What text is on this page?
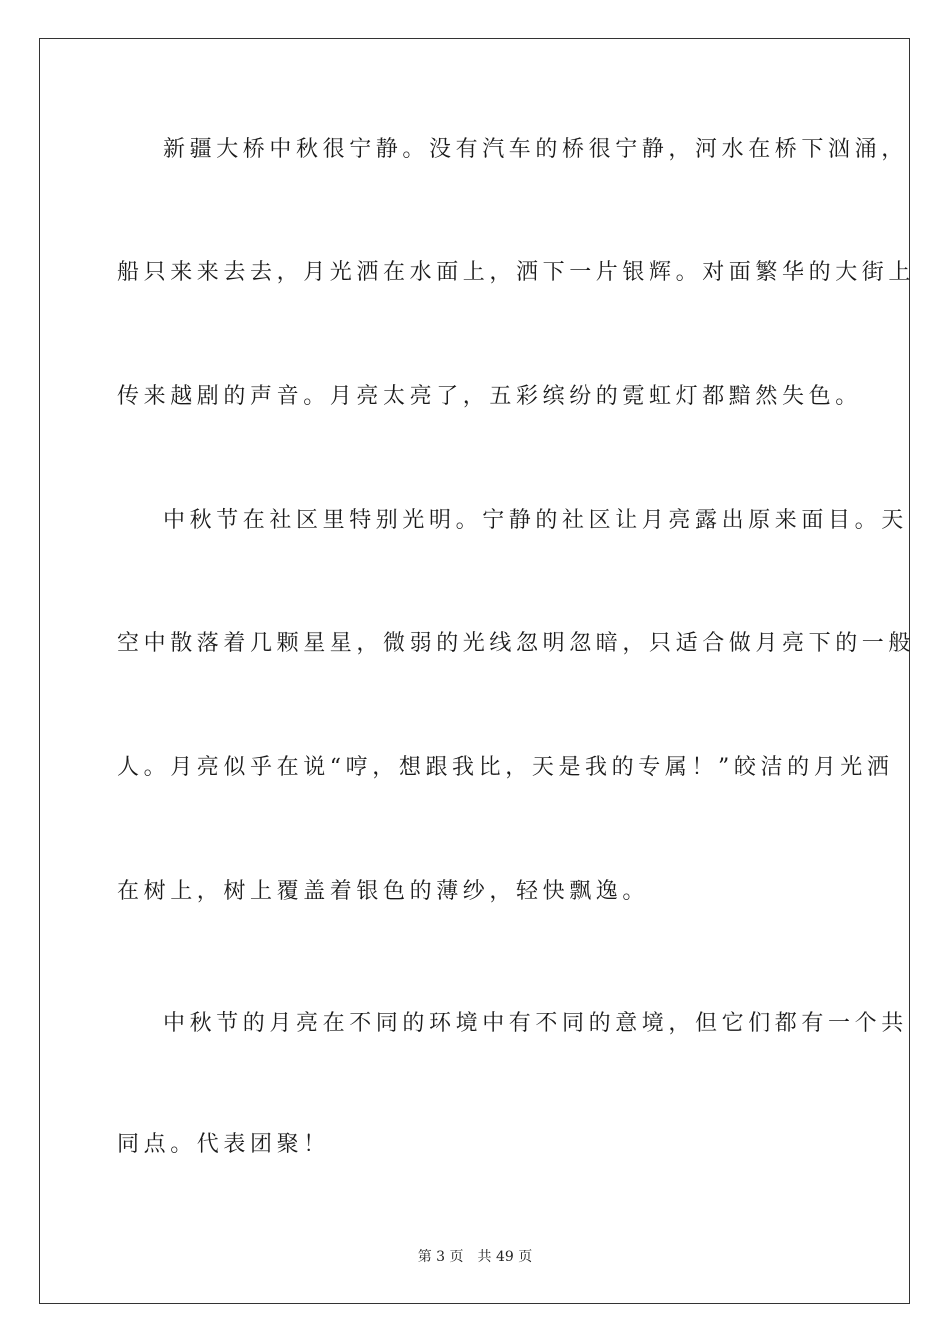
新疆大桥中秋很宁静。没有汽车的桥很宁静，河水在桥下汹涌，
船只来来去去，月光洒在水面上，洒下一片银辉。对面繁华的大街上
传来越剧的声音。月亮太亮了，五彩缤纷的霓虹灯都黯然失色。
中秋节在社区里特别光明。宁静的社区让月亮露出原来面目。天
空中散落着几颗星星，微弱的光线忽明忽暗，只适合做月亮下的一般
人。月亮似乎在说“哼，想跟我比，天是我的专属！”皎洁的月光洒
在树上，树上覆盖着银色的薄纱，轻快飘逸。
中秋节的月亮在不同的环境中有不同的意境，但它们都有一个共
同点。代表团聚！
第 3 页 共 49 页
